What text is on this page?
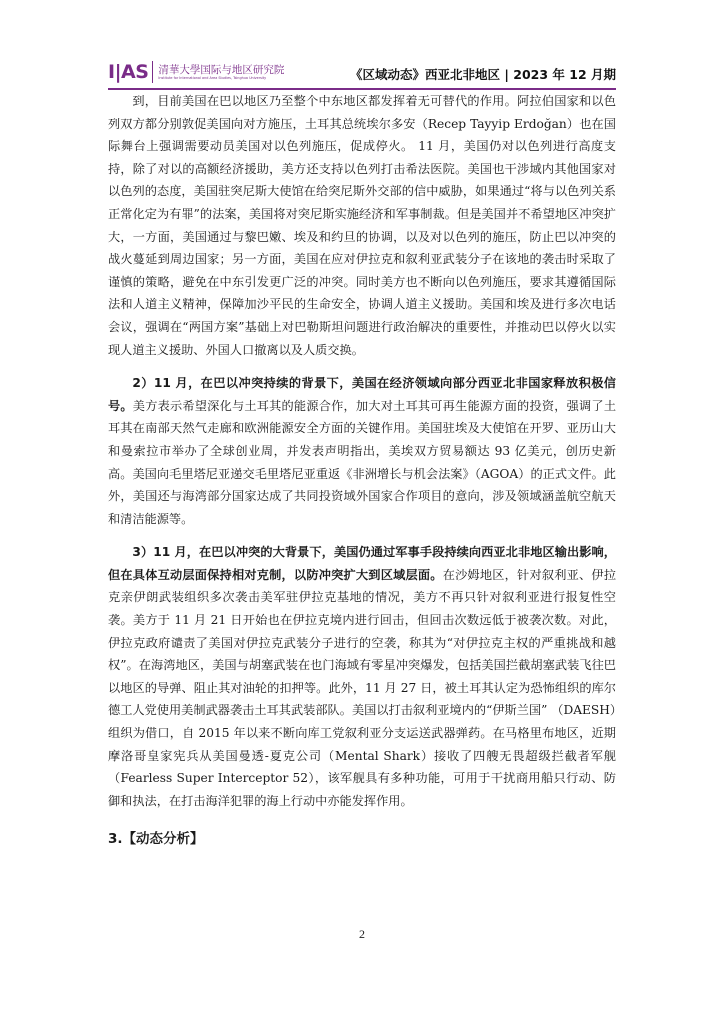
I|AS 清華大學国际与地区研究院
Institute for International and Area Studies, Tsinghua University	《区域动态》西亚北非地区 | 2023 年 12 月期

到，目前美国在巴以地区乃至整个中东地区都发挥着无可替代的作用。阿拉伯国家和以色列双方都分别敦促美国向对方施压，土耳其总统埃尔多安（Recep Tayyip Erdoğan）也在国际舞台上强调需要动员美国对以色列施压，促成停火。 11 月，美国仍对以色列进行高度支持，除了对以的高额经济援助，美方还支持以色列打击希法医院。美国也干涉域内其他国家对以色列的态度，美国驻突尼斯大使馆在给突尼斯外交部的信中威胁，如果通过“将与以色列关系正常化定为有罪”的法案，美国将对突尼斯实施经济和军事制裁。但是美国并不希望地区冲突扩大，一方面，美国通过与黎巴嫩、埃及和约旦的协调，以及对以色列的施压，防止巴以冲突的战火蔓延到周边国家；另一方面，美国在应对伊拉克和叙利亚武装分子在该地的袭击时采取了谨慎的策略，避免在中东引发更广泛的冲突。同时美方也不断向以色列施压，要求其遵循国际法和人道主义精神，保障加沙平民的生命安全，协调人道主义援助。美国和埃及进行多次电话会议，强调在“两国方案”基础上对巴勒斯坦问题进行政治解决的重要性，并推动巴以停火以实现人道主义援助、外国人口撤离以及人质交换。

2）11 月，在巴以冲突持续的背景下，美国在经济领域向部分西亚北非国家释放积极信号。美方表示希望深化与土耳其的能源合作，加大对土耳其可再生能源方面的投资，强调了土耳其在南部天然气走廊和欧洲能源安全方面的关键作用。美国驻埃及大使馆在开罗、亚历山大和曼索拉市举办了全球创业周，并发表声明指出，美埃双方贸易额达 93 亿美元，创历史新高。美国向毛里塔尼亚递交毛里塔尼亚重返《非洲增长与机会法案》（AGOA）的正式文件。此外，美国还与海湾部分国家达成了共同投资域外国家合作项目的意向，涉及领域涵盖航空航天和清洁能源等。

3）11 月，在巴以冲突的大背景下，美国仍通过军事手段持续向西亚北非地区输出影响，但在具体互动层面保持相对克制，以防冲突扩大到区域层面。在沙姆地区，针对叙利亚、伊拉克亲伊朗武装组织多次袭击美军驻伊拉克基地的情况，美方不再只针对叙利亚进行报复性空袭。美方于 11 月 21 日开始也在伊拉克境内进行回击，但回击次数远低于被袭次数。对此，伊拉克政府谴责了美国对伊拉克武装分子进行的空袭，称其为“对伊拉克主权的严重挑战和越权”。在海湾地区，美国与胡塞武装在也门海域有零星冲突爆发，包括美国拦截胡塞武装飞往巴以地区的导弹、阻止其对油轮的扣押等。此外，11 月 27 日，被土耳其认定为恐怖组织的库尔德工人党使用美制武器袭击土耳其武装部队。美国以打击叙利亚境内的“伊斯兰国” （DAESH）组织为借口，自 2015 年以来不断向库工党叙利亚分支运送武器弹药。在马格里布地区，近期摩洛哥皇家宪兵从美国曼透-夏克公司（Mental Shark）接收了四艘无畏超级拦截者军舰（Fearless Super Interceptor 52），该军舰具有多种功能，可用于干扰商用船只行动、防御和执法，在打击海洋犯罪的海上行动中亦能发挥作用。

3.【动态分析】
2
